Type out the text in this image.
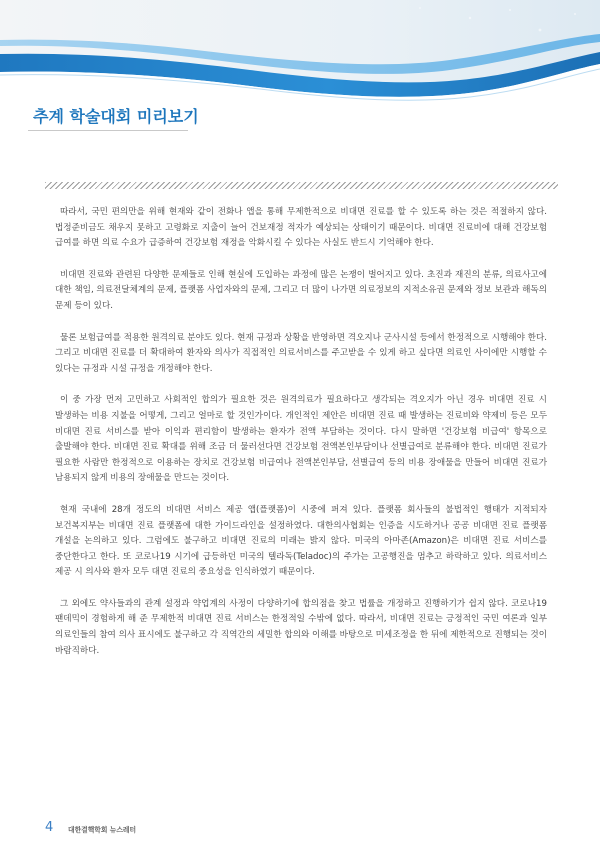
추계 학술대회 미리보기

따라서, 국민 편의만을 위해 현재와 같이 전화나 앱을 통해 무제한적으로 비대면 진료를 할 수 있도록 하는 것은 적절하지 않다. 법정준비금도 채우지 못하고 고령화로 지출이 늘어 건보재정 적자가 예상되는 상태이기 때문이다. 비대면 진료비에 대해 건강보험 급여를 하면 의료 수요가 급증하여 건강보험 재정을 악화시킬 수 있다는 사실도 반드시 기억해야 한다.

비대면 진료와 관련된 다양한 문제들로 인해 현실에 도입하는 과정에 많은 논쟁이 벌어지고 있다. 초진과 재진의 분류, 의료사고에 대한 책임, 의료전달체계의 문제, 플랫폼 사업자와의 문제, 그리고 더 많이 나가면 의료정보의 지적소유권 문제와 정보 보관과 해독의 문제 등이 있다.

물론 보험급여를 적용한 원격의료 분야도 있다. 현재 규정과 상황을 반영하면 격오지나 군사시설 등에서 한정적으로 시행해야 한다. 그리고 비대면 진료를 더 확대하여 환자와 의사가 직접적인 의료서비스를 주고받을 수 있게 하고 싶다면 의료인 사이에만 시행할 수 있다는 규정과 시설 규정을 개정해야 한다.

이 중 가장 먼저 고민하고 사회적인 합의가 필요한 것은 원격의료가 필요하다고 생각되는 격오지가 아닌 경우 비대면 진료 시 발생하는 비용 지불을 어떻게, 그리고 얼마로 할 것인가이다. 개인적인 제안은 비대면 진료 때 발생하는 진료비와 약제비 등은 모두 비대면 진료 서비스를 받아 이익과 편리함이 발생하는 환자가 전액 부담하는 것이다. 다시 말하면 '건강보험 비급여' 항목으로 출발해야 한다. 비대면 진료 확대를 위해 조금 더 물러선다면 건강보험 전액본인부담이나 선별급여로 분류해야 한다. 비대면 진료가 필요한 사람만 한정적으로 이용하는 장치로 건강보험 비급여나 전액본인부담, 선별급여 등의 비용 장애물을 만들어 비대면 진료가 남용되지 않게 비용의 장애물을 만드는 것이다.

현재 국내에 28개 정도의 비대면 서비스 제공 앱(플랫폼)이 시중에 퍼져 있다. 플랫폼 회사들의 불법적인 행태가 지적되자 보건복지부는 비대면 진료 플랫폼에 대한 가이드라인을 설정하였다. 대한의사협회는 인증을 시도하거나 공공 비대면 진료 플랫폼 개설을 논의하고 있다. 그럼에도 불구하고 비대면 진료의 미래는 밝지 않다. 미국의 아마존(Amazon)은 비대면 진료 서비스를 중단한다고 한다. 또 코로나19 시기에 급등하던 미국의 텔라독(Teladoc)의 주가는 고공행진을 멈추고 하락하고 있다. 의료서비스 제공 시 의사와 환자 모두 대면 진료의 중요성을 인식하였기 때문이다.

그 외에도 약사들과의 관계 설정과 약업계의 사정이 다양하기에 합의점을 찾고 법률을 개정하고 진행하기가 쉽지 않다. 코로나19 팬데믹이 경험하게 해 준 무제한적 비대면 진료 서비스는 한정적일 수밖에 없다. 따라서, 비대면 진료는 긍정적인 국민 여론과 일부 의료인들의 참여 의사 표시에도 불구하고 각 직역간의 세밀한 합의와 이해를 바탕으로 미세조정을 한 뒤에 제한적으로 진행되는 것이 바람직하다.

4 대한결핵학회 뉴스레터
